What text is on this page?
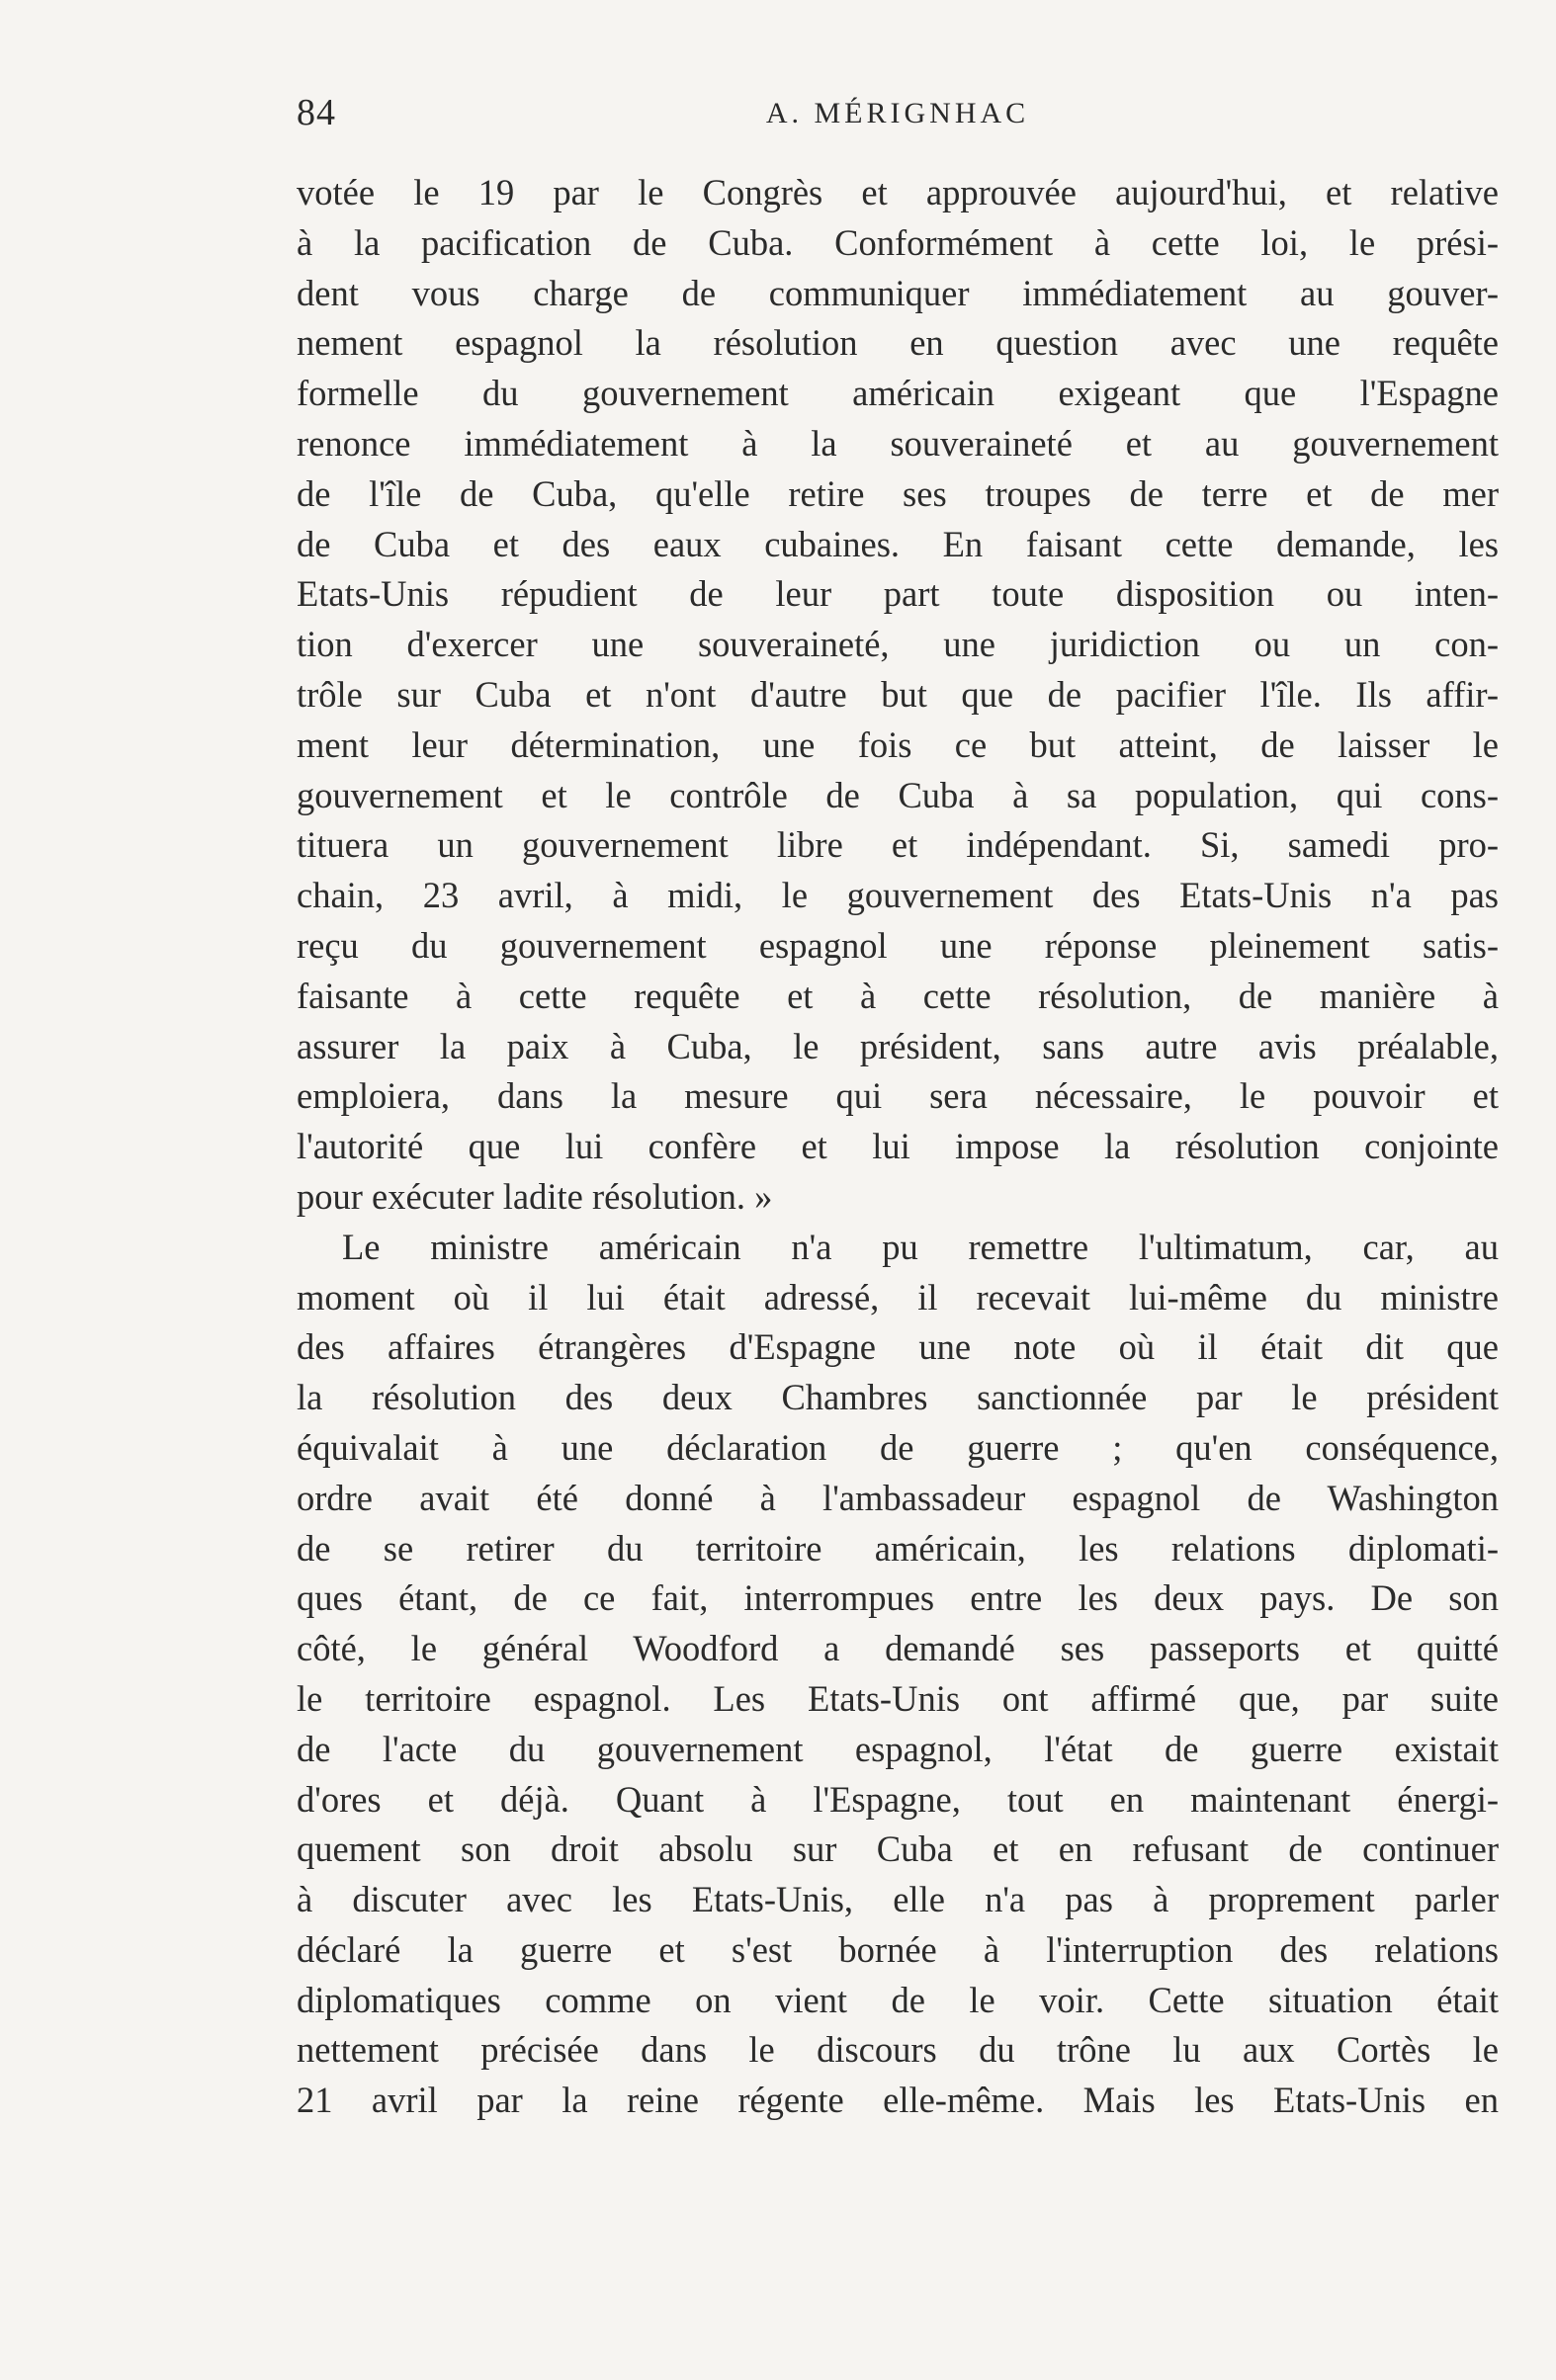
84	A. MÉRIGNHAC
votée le 19 par le Congrès et approuvée aujourd'hui, et relative
à la pacification de Cuba. Conformément à cette loi, le prési-
dent vous charge de communiquer immédiatement au gouver-
nement espagnol la résolution en question avec une requête
formelle du gouvernement américain exigeant que l'Espagne
renonce immédiatement à la souveraineté et au gouvernement
de l'île de Cuba, qu'elle retire ses troupes de terre et de mer
de Cuba et des eaux cubaines. En faisant cette demande, les
Etats-Unis répudient de leur part toute disposition ou inten-
tion d'exercer une souveraineté, une juridiction ou un con-
trôle sur Cuba et n'ont d'autre but que de pacifier l'île. Ils affir-
ment leur détermination, une fois ce but atteint, de laisser le
gouvernement et le contrôle de Cuba à sa population, qui cons-
tituera un gouvernement libre et indépendant. Si, samedi pro-
chain, 23 avril, à midi, le gouvernement des Etats-Unis n'a pas
reçu du gouvernement espagnol une réponse pleinement satis-
faisante à cette requête et à cette résolution, de manière à
assurer la paix à Cuba, le président, sans autre avis préalable,
emploiera, dans la mesure qui sera nécessaire, le pouvoir et
l'autorité que lui confère et lui impose la résolution conjointe
pour exécuter ladite résolution. »
Le ministre américain n'a pu remettre l'ultimatum, car, au
moment où il lui était adressé, il recevait lui-même du ministre
des affaires étrangères d'Espagne une note où il était dit que
la résolution des deux Chambres sanctionnée par le président
équivalait à une déclaration de guerre ; qu'en conséquence,
ordre avait été donné à l'ambassadeur espagnol de Washington
de se retirer du territoire américain, les relations diplomati-
ques étant, de ce fait, interrompues entre les deux pays. De son
côté, le général Woodford a demandé ses passeports et quitté
le territoire espagnol. Les Etats-Unis ont affirmé que, par suite
de l'acte du gouvernement espagnol, l'état de guerre existait
d'ores et déjà. Quant à l'Espagne, tout en maintenant énergi-
quement son droit absolu sur Cuba et en refusant de continuer
à discuter avec les Etats-Unis, elle n'a pas à proprement parler
déclaré la guerre et s'est bornée à l'interruption des relations
diplomatiques comme on vient de le voir. Cette situation était
nettement précisée dans le discours du trône lu aux Cortès le
21 avril par la reine régente elle-même. Mais les Etats-Unis en
